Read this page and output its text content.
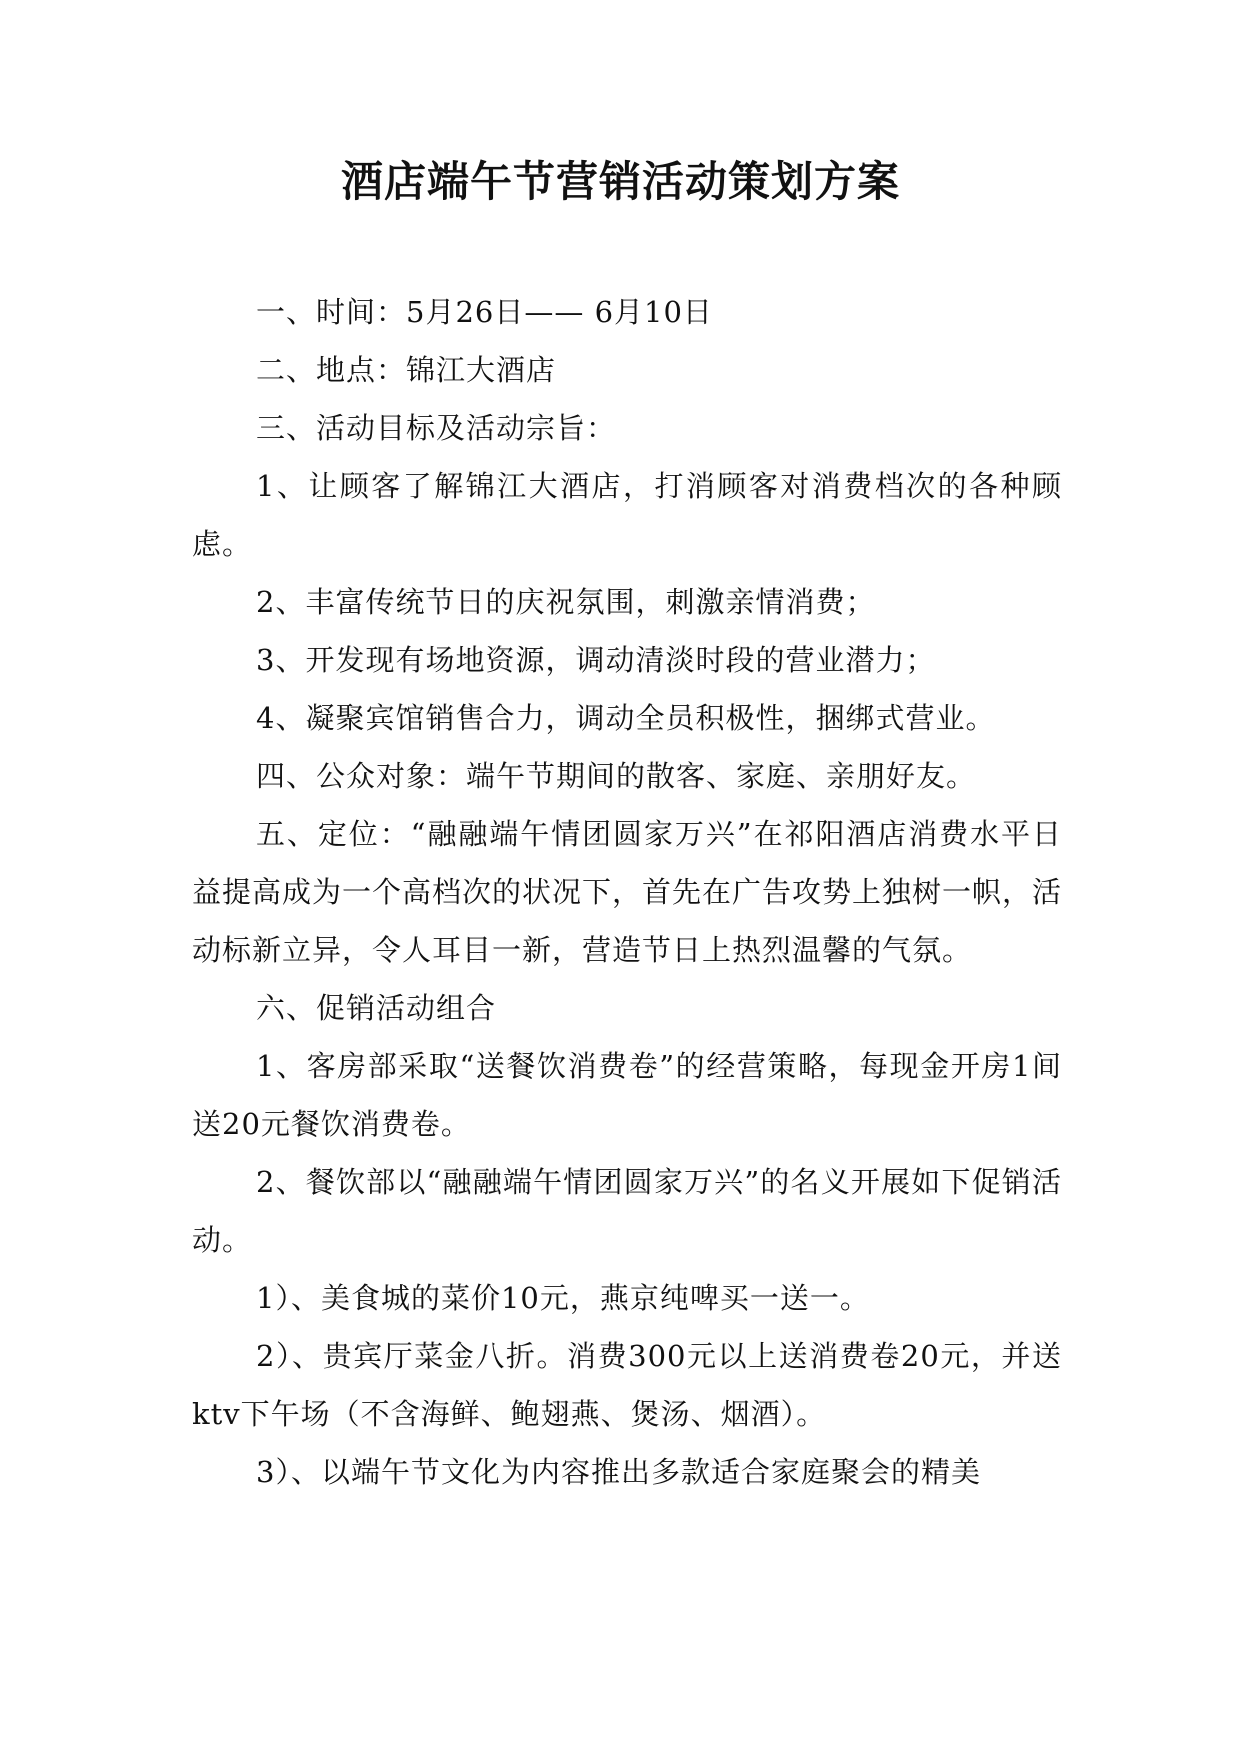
酒店端午节营销活动策划方案

一、时间：5月26日—— 6月10日

二、地点：锦江大酒店

三、活动目标及活动宗旨：

1、让顾客了解锦江大酒店，打消顾客对消费档次的各种顾虑。

2、丰富传统节日的庆祝氛围，刺激亲情消费；

3、开发现有场地资源，调动清淡时段的营业潜力；

4、凝聚宾馆销售合力，调动全员积极性，捆绑式营业。

四、公众对象：端午节期间的散客、家庭、亲朋好友。

五、定位：“融融端午情团圆家万兴”在祁阳酒店消费水平日益提高成为一个高档次的状况下，首先在广告攻势上独树一帜，活动标新立异，令人耳目一新，营造节日上热烈温馨的气氛。

六、促销活动组合

1、客房部采取“送餐饮消费卷”的经营策略，每现金开房1间送20元餐饮消费卷。

2、餐饮部以“融融端午情团圆家万兴”的名义开展如下促销活动。

1）、美食城的菜价10元，燕京纯啤买一送一。

2）、贵宾厅菜金八折。消费300元以上送消费卷20元，并送ktv下午场（不含海鲜、鲍翅燕、煲汤、烟酒）。

3）、以端午节文化为内容推出多款适合家庭聚会的精美
